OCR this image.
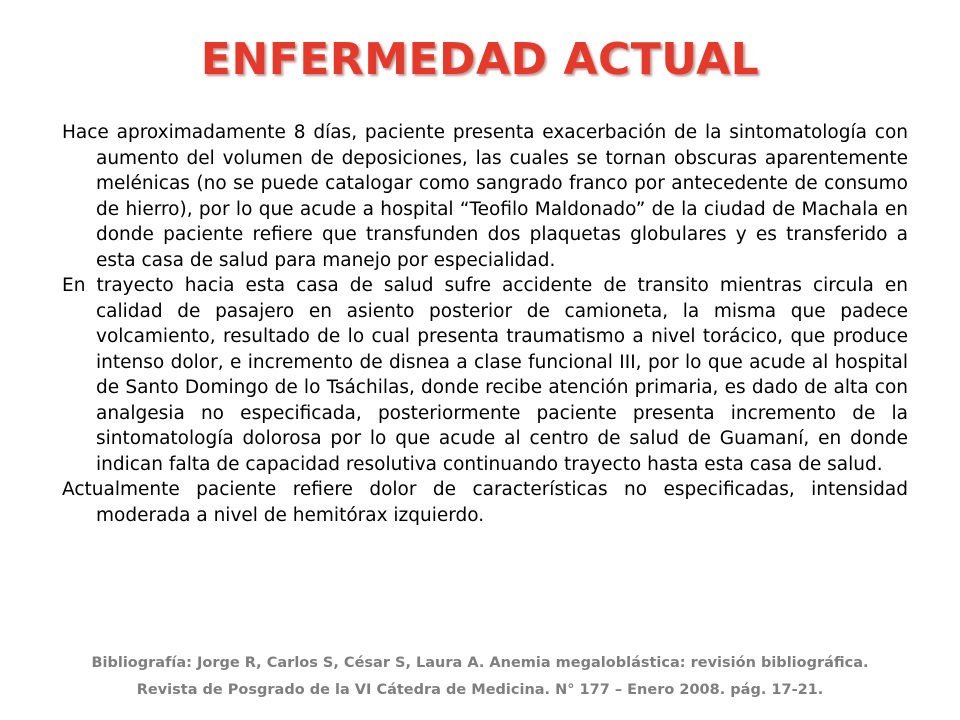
ENFERMEDAD ACTUAL

Hace aproximadamente 8 días, paciente presenta exacerbación de la sintomatología con aumento del volumen de deposiciones, las cuales se tornan obscuras aparentemente melénicas (no se puede catalogar como sangrado franco por antecedente de consumo de hierro), por lo que acude a hospital “Teofilo Maldonado” de la ciudad de Machala en donde paciente refiere que transfunden dos plaquetas globulares y es transferido a esta casa de salud para manejo por especialidad.

En trayecto hacia esta casa de salud sufre accidente de transito mientras circula en calidad de pasajero en asiento posterior de camioneta, la misma que padece volcamiento, resultado de lo cual presenta traumatismo a nivel torácico, que produce intenso dolor, e incremento de disnea a clase funcional III, por lo que acude al hospital de Santo Domingo de lo Tsáchilas, donde recibe atención primaria, es dado de alta con analgesia no especificada, posteriormente paciente presenta incremento de la sintomatología dolorosa por lo que acude al centro de salud de Guamaní, en donde indican falta de capacidad resolutiva continuando trayecto hasta esta casa de salud.

Actualmente paciente refiere dolor de características no especificadas, intensidad moderada a nivel de hemitórax izquierdo.

Bibliografía: Jorge R, Carlos S, César S, Laura A. Anemia megaloblástica: revisión bibliográfica.
Revista de Posgrado de la VI Cátedra de Medicina. N° 177 – Enero 2008. pág. 17-21.
